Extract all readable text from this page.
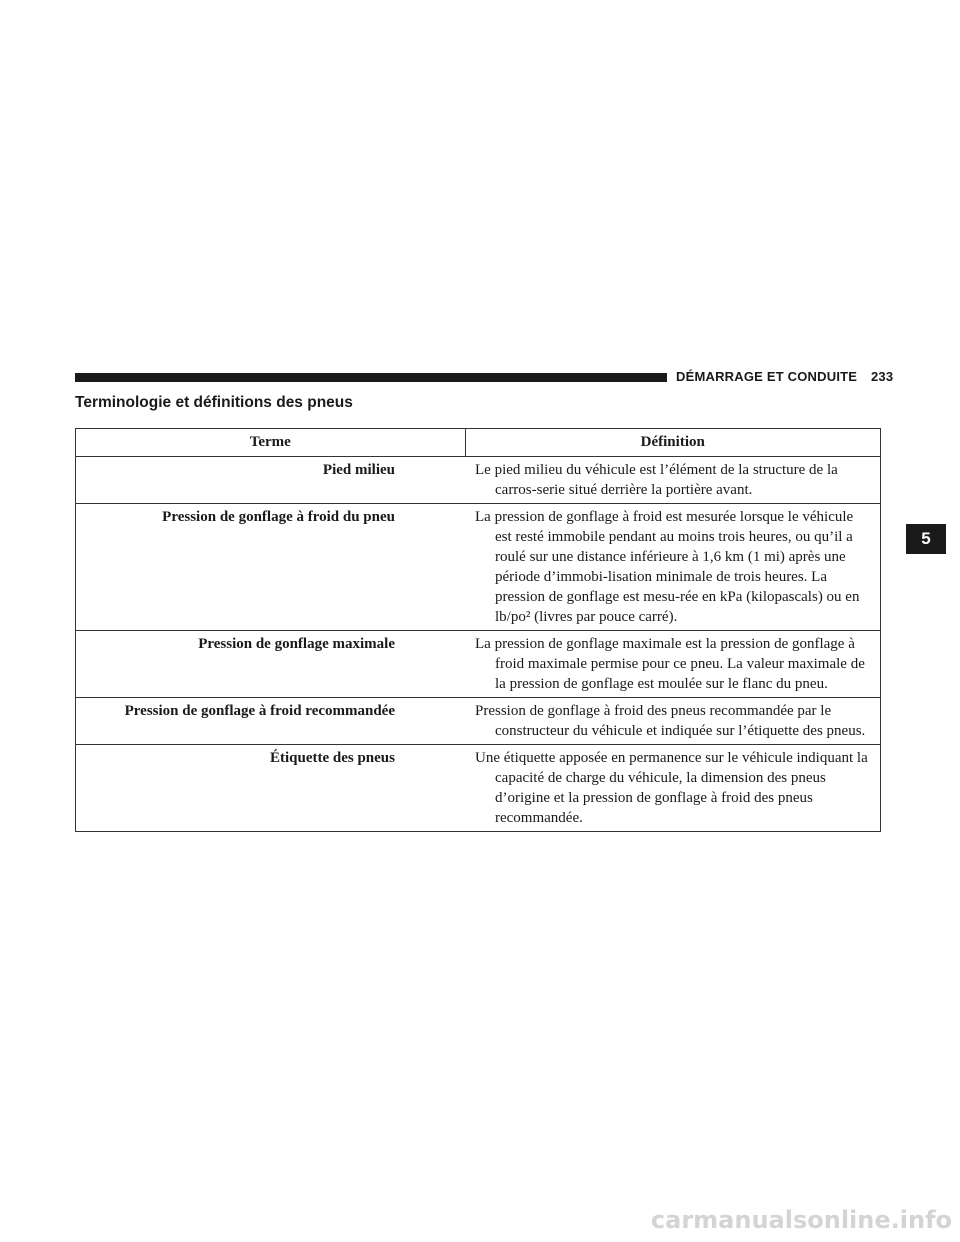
DÉMARRAGE ET CONDUITE 233
Terminologie et définitions des pneus
Terme	Définition
Pied milieu	Le pied milieu du véhicule est l’élément de la structure de la carros-serie situé derrière la portière avant.

Pression de gonflage à froid du pneu	La pression de gonflage à froid est mesurée lorsque le véhicule est resté immobile pendant au moins trois heures, ou qu’il a roulé sur une distance inférieure à 1,6 km (1 mi) après une période d’immobi-lisation minimale de trois heures. La pression de gonflage est mesu-rée en kPa (kilopascals) ou en lb/po² (livres par pouce carré).

Pression de gonflage maximale	La pression de gonflage maximale est la pression de gonflage à froid maximale permise pour ce pneu. La valeur maximale de la pression de gonflage est moulée sur le flanc du pneu.

Pression de gonflage à froid recommandée	Pression de gonflage à froid des pneus recommandée par le constructeur du véhicule et indiquée sur l’étiquette des pneus.

Étiquette des pneus	Une étiquette apposée en permanence sur le véhicule indiquant la capacité de charge du véhicule, la dimension des pneus d’origine et la pression de gonflage à froid des pneus recommandée.
5
carmanualsonline.info
